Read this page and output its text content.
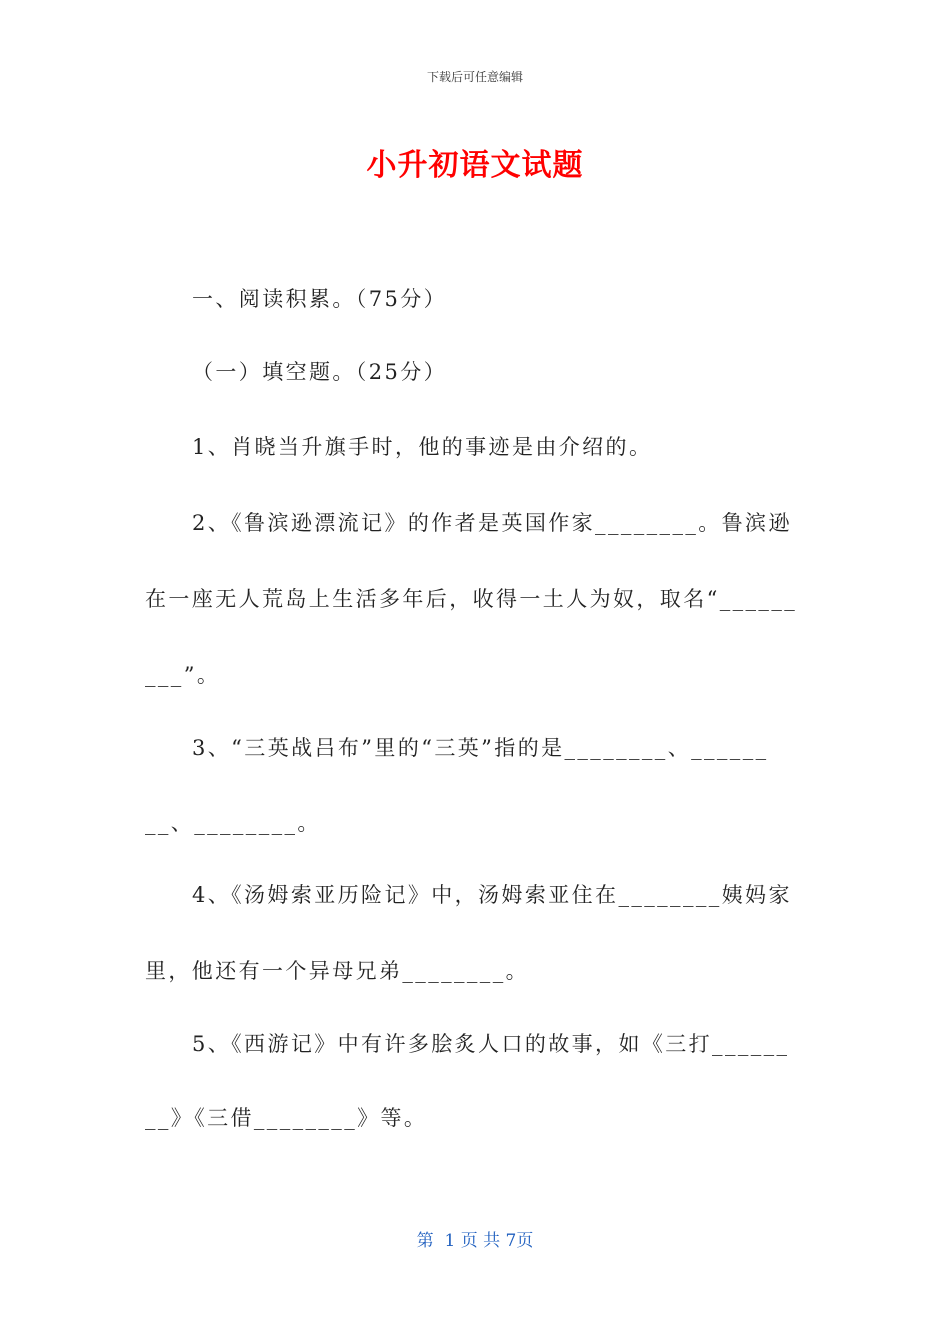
下载后可任意编辑
小升初语文试题
一、阅读积累。（75分）
（一）填空题。（25分）
1、肖晓当升旗手时，他的事迹是由介绍的。
2、《鲁滨逊漂流记》的作者是英国作家________。鲁滨逊
在一座无人荒岛上生活多年后，收得一土人为奴，取名“______
___”。
3、“三英战吕布”里的“三英”指的是________、______
__、________。
4、《汤姆索亚历险记》中，汤姆索亚住在________姨妈家
里，他还有一个异母兄弟________。
5、《西游记》中有许多脍炙人口的故事，如《三打______
__》《三借________》等。
第  1 页 共 7页
